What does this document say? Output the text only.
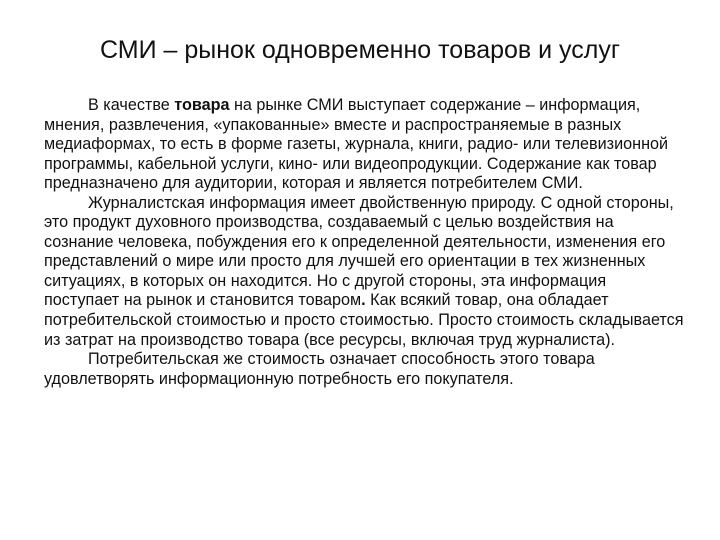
СМИ – рынок одновременно товаров и услуг

В качестве товара на рынке СМИ выступает содержание – информация, мнения, развлечения, «упакованные» вместе и распространяемые в разных медиаформах, то есть в форме газеты, журнала, книги, радио- или телевизионной программы, кабельной услуги, кино- или видеопродукции. Содержание как товар предназначено для аудитории, которая и является потребителем СМИ.

Журналистская информация имеет двойственную природу. С одной стороны, это продукт духовного производства, создаваемый с целью воздействия на сознание человека, побуждения его к определенной деятельности, изменения его представлений о мире или просто для лучшей его ориентации в тех жизненных ситуациях, в которых он находится. Но с другой стороны, эта информация поступает на рынок и становится товаром. Как всякий товар, она обладает потребительской стоимостью и просто стоимостью. Просто стоимость складывается из затрат на производство товара (все ресурсы, включая труд журналиста).

Потребительская же стоимость означает способность этого товара удовлетворять информационную потребность его покупателя.
